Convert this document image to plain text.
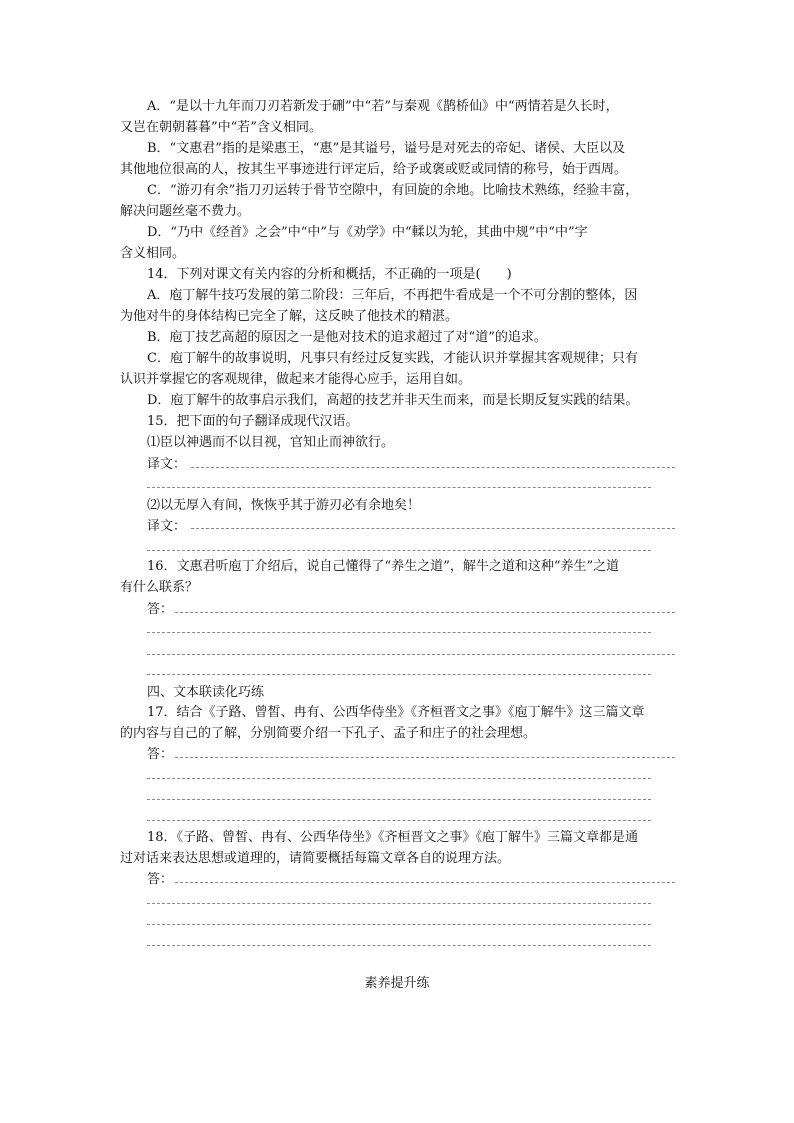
A．“是以十九年而刀刃若新发于硎”中“若”与秦观《鹊桥仙》中“两情若是久长时，
又岂在朝朝暮暮”中“若”含义相同。
B．“文惠君”指的是梁惠王，“惠”是其谥号，谥号是对死去的帝妃、诸侯、大臣以及
其他地位很高的人，按其生平事迹进行评定后，给予或褒或贬或同情的称号，始于西周。
C．“游刃有余”指刀刃运转于骨节空隙中，有回旋的余地。比喻技术熟练，经验丰富，
解决问题丝毫不费力。
D．“乃中《经首》之会”中“中”与《劝学》中“輮以为轮，其曲中规”中“中”字
含义相同。
14．下列对课文有关内容的分析和概括，不正确的一项是(　　)
A．庖丁解牛技巧发展的第二阶段：三年后，不再把牛看成是一个不可分割的整体，因
为他对牛的身体结构已完全了解，这反映了他技术的精湛。
B．庖丁技艺高超的原因之一是他对技术的追求超过了对“道”的追求。
C．庖丁解牛的故事说明，凡事只有经过反复实践，才能认识并掌握其客观规律；只有
认识并掌握它的客观规律，做起来才能得心应手，运用自如。
D．庖丁解牛的故事启示我们，高超的技艺并非天生而来，而是长期反复实践的结果。
15．把下面的句子翻译成现代汉语。
⑴臣以神遇而不以目视，官知止而神欲行。
译文：
⑵以无厚入有间，恢恢乎其于游刃必有余地矣！
译文：
16．文惠君听庖丁介绍后，说自己懂得了“养生之道”，解牛之道和这种“养生”之道
有什么联系？
答：
四、文本联读化巧练
17．结合《子路、曾皙、冉有、公西华侍坐》《齐桓晋文之事》《庖丁解牛》这三篇文章
的内容与自己的了解，分别简要介绍一下孔子、孟子和庄子的社会理想。
答：
18．《子路、曾皙、冉有、公西华侍坐》《齐桓晋文之事》《庖丁解牛》三篇文章都是通
过对话来表达思想或道理的，请简要概括每篇文章各自的说理方法。
答：
素养提升练
